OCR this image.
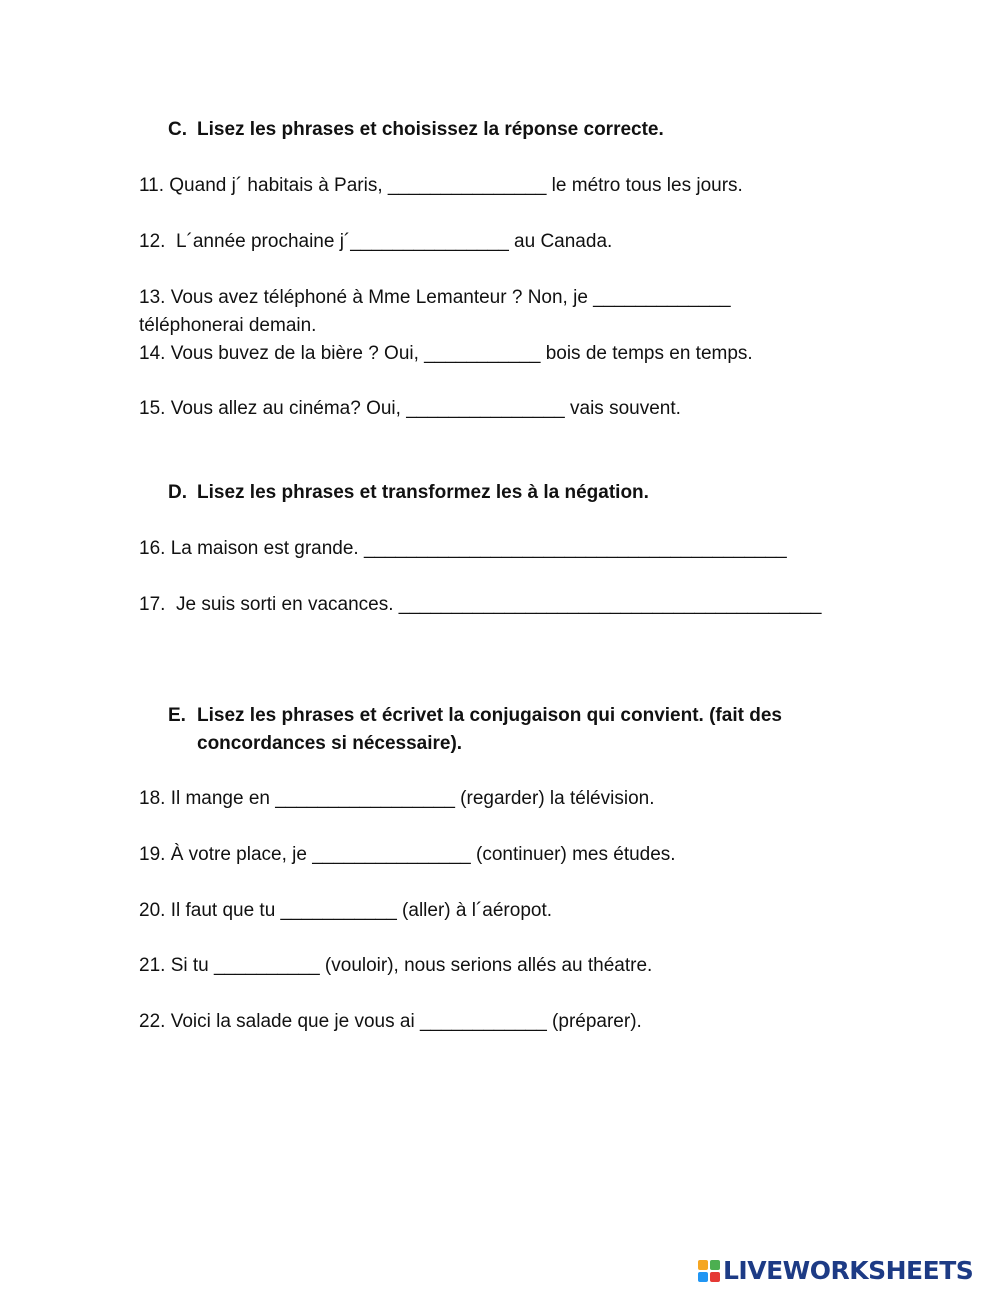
C. Lisez les phrases et choisissez la réponse correcte.
11. Quand j´ habitais à Paris, _______________ le métro tous les jours.
12.  L´année prochaine j´_______________ au Canada.
13. Vous avez téléphoné à Mme Lemanteur ? Non, je _____________
téléphonerai demain.
14. Vous buvez de la bière ? Oui, ___________ bois de temps en temps.
15. Vous allez au cinéma? Oui, _______________ vais souvent.
D. Lisez les phrases et transformez les à la négation.
16. La maison est grande. ________________________________________
17.  Je suis sorti en vacances. ________________________________________
E. Lisez les phrases et écrivet la conjugaison qui convient. (fait des
concordances si nécessaire).
18. Il mange en _________________ (regarder) la télévision.
19. À votre place, je _______________ (continuer) mes études.
20. Il faut que tu ___________ (aller) à l´aéropot.
21. Si tu __________ (vouloir), nous serions allés au théatre.
22. Voici la salade que je vous ai ____________ (préparer).
LIVEWORKSHEETS
